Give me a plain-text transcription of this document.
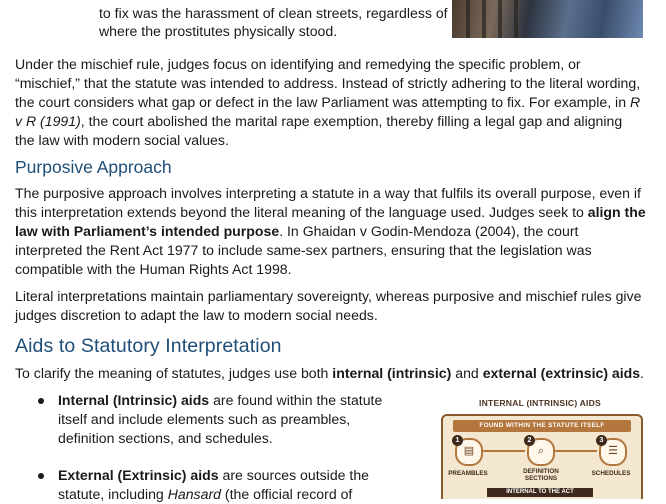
to fix was the harassment of clean streets, regardless of

where the prostitutes physically stood.

Under the mischief rule, judges focus on identifying and remedying the specific problem, or “mischief,” that the statute was intended to address. Instead of strictly adhering to the literal wording, the court considers what gap or defect in the law Parliament was attempting to fix. For example, in R v R (1991), the court abolished the marital rape exemption, thereby filling a legal gap and aligning the law with modern social values.

Purposive Approach

The purposive approach involves interpreting a statute in a way that fulfils its overall purpose, even if this interpretation extends beyond the literal meaning of the language used. Judges seek to align the law with Parliament’s intended purpose. In Ghaidan v Godin-Mendoza (2004), the court interpreted the Rent Act 1977 to include same-sex partners, ensuring that the legislation was compatible with the Human Rights Act 1998.

Literal interpretations maintain parliamentary sovereignty, whereas purposive and mischief rules give judges discretion to adapt the law to modern social needs.

Aids to Statutory Interpretation

To clarify the meaning of statutes, judges use both internal (intrinsic) and external (extrinsic) aids.

Internal (Intrinsic) aids are found within the statute itself and include elements such as preambles, definition sections, and schedules.

External (Extrinsic) aids are sources outside the statute, including Hansard (the official record of

INTERNAL (INTRINSIC) AIDS
FOUND WITHIN THE STATUTE ITSELF
1
▤
2
⌕
3
☰
PREAMBLES	DEFINITION SECTIONS
SCHEDULES
INTERNAL TO THE ACT
